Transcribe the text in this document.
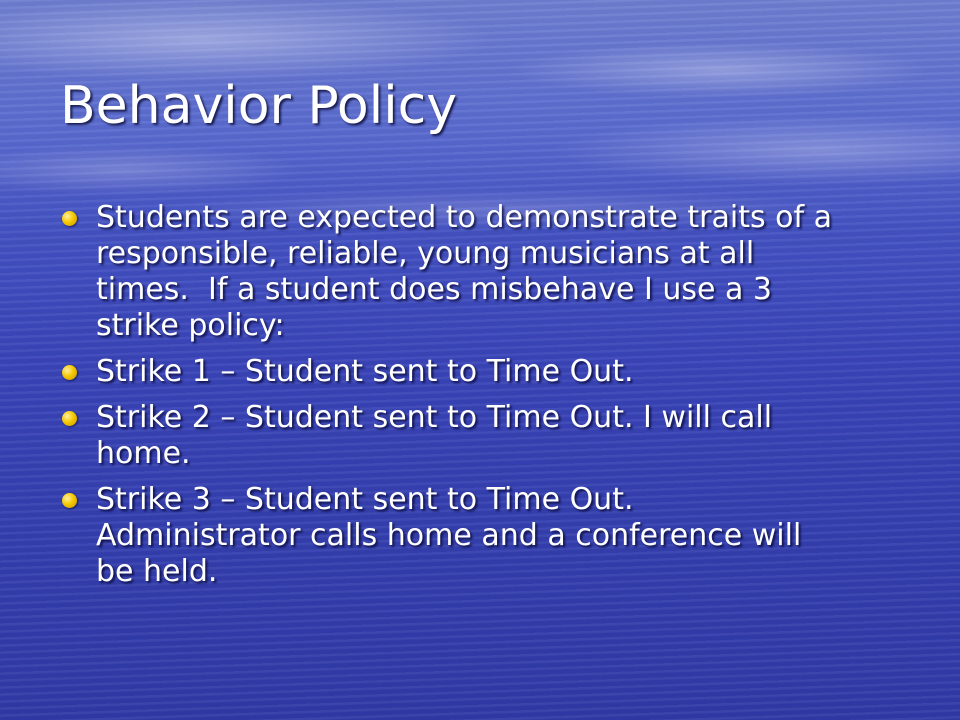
Behavior Policy
Students are expected to demonstrate traits of a
responsible, reliable, young musicians at all
times.  If a student does misbehave I use a 3
strike policy:
Strike 1 – Student sent to Time Out.
Strike 2 – Student sent to Time Out. I will call
home.
Strike 3 – Student sent to Time Out.
Administrator calls home and a conference will
be held.
